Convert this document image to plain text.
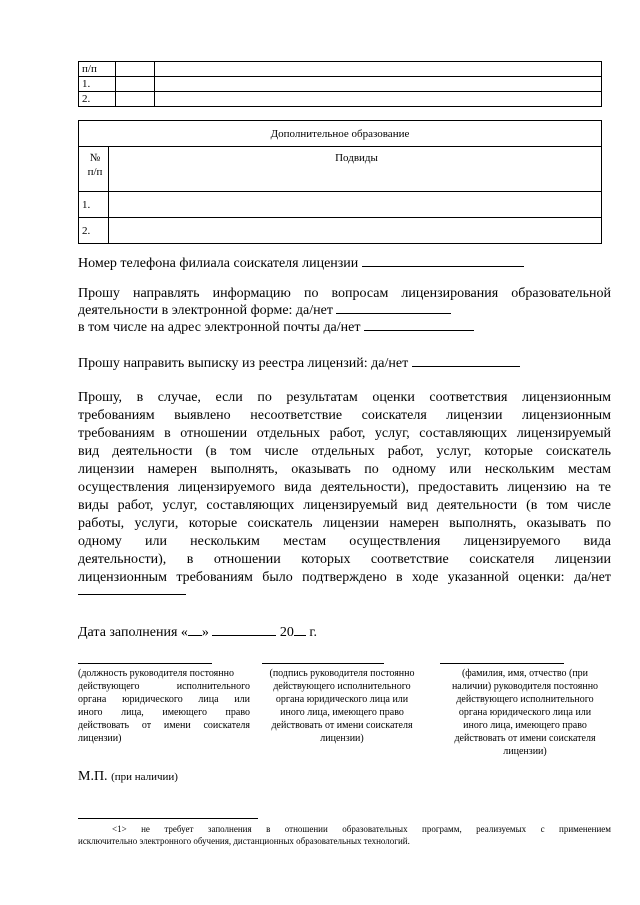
п/п		
1.		
2.		
Дополнительное образование	
№
п/п	Подвиды
1.	
2.	
Номер телефона филиала соискателя лицензии
Прошу направлять информацию по вопросам лицензирования образовательной
деятельности в электронной форме: да/нет
в том числе на адрес электронной почты да/нет
Прошу направить выписку из реестра лицензий: да/нет
Прошу, в случае, если по результатам оценки соответствия лицензионным
требованиям выявлено несоответствие соискателя лицензии лицензионным
требованиям в отношении отдельных работ, услуг, составляющих лицензируемый
вид деятельности (в том числе отдельных работ, услуг, которые соискатель
лицензии намерен выполнять, оказывать по одному или нескольким местам
осуществления лицензируемого вида деятельности), предоставить лицензию на те
виды работ, услуг, составляющих лицензируемый вид деятельности (в том числе
работы, услуги, которые соискатель лицензии намерен выполнять, оказывать по
одному или нескольким местам осуществления лицензируемого вида
деятельности), в отношении которых соответствие соискателя лицензии
лицензионным требованиям было подтверждено в ходе указанной оценки: да/нет
Дата заполнения « »	20 г.
(должность руководителя постоянно
действующего исполнительного
органа юридического лица или
иного лица, имеющего право
действовать от имени соискателя
лицензии)
(подпись руководителя постоянно
действующего исполнительного
органа юридического лица или
иного лица, имеющего право
действовать от имени соискателя
лицензии)
(фамилия, имя, отчество (при
наличии) руководителя постоянно
действующего исполнительного
органа юридического лица или
иного лица, имеющего право
действовать от имени соискателя
лицензии)
М.П. (при наличии)
<1> не требует заполнения в отношении образовательных программ, реализуемых с применением
исключительно электронного обучения, дистанционных образовательных технологий.
